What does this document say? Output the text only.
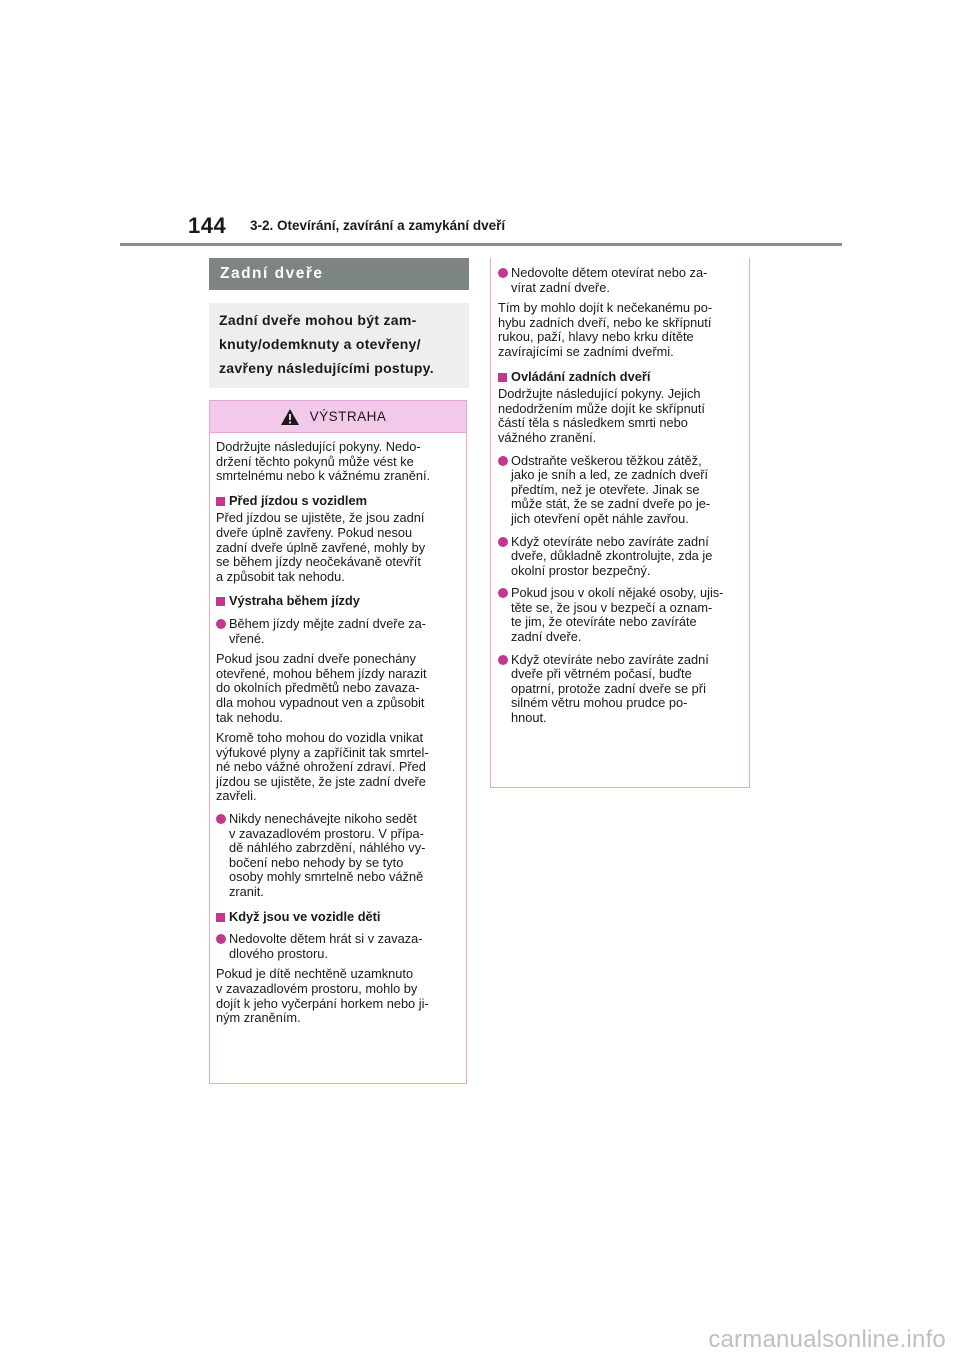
144 3-2. Otevírání, zavírání a zamykání dveří
Zadní dveře
Zadní dveře mohou být zam-
knuty/odemknuty a otevřeny/
zavřeny následujícími postupy.
VÝSTRAHA

Dodržujte následující pokyny. Nedo-
držení těchto pokynů může vést ke
smrtelnému nebo k vážnému zranění.

Před jízdou s vozidlem

Před jízdou se ujistěte, že jsou zadní
dveře úplně zavřeny. Pokud nesou
zadní dveře úplně zavřené, mohly by
se během jízdy neočekávaně otevřít
a způsobit tak nehodu.

Výstraha během jízdy
Během jízdy mějte zadní dveře za-
vřené.

Pokud jsou zadní dveře ponechány
otevřené, mohou během jízdy narazit
do okolních předmětů nebo zavaza-
dla mohou vypadnout ven a způsobit
tak nehodu.

Kromě toho mohou do vozidla vnikat
výfukové plyny a zapříčinit tak smrtel-
né nebo vážné ohrožení zdraví. Před
jízdou se ujistěte, že jste zadní dveře
zavřeli.

Nikdy nenechávejte nikoho sedět
v zavazadlovém prostoru. V přípa-
dě náhlého zabrzdění, náhlého vy-
bočení nebo nehody by se tyto
osoby mohly smrtelně nebo vážně
zranit.
Když jsou ve vozidle děti
Nedovolte dětem hrát si v zavaza-
dlového prostoru.

Pokud je dítě nechtěně uzamknuto
v zavazadlovém prostoru, mohlo by
dojít k jeho vyčerpání horkem nebo ji-
ným zraněním.

Nedovolte dětem otevírat nebo za-
vírat zadní dveře.

Tím by mohlo dojít k nečekanému po-
hybu zadních dveří, nebo ke skřípnutí
rukou, paží, hlavy nebo krku dítěte
zavírajícími se zadními dveřmi.

Ovládání zadních dveří

Dodržujte následující pokyny. Jejich
nedodržením může dojít ke skřípnutí
částí těla s následkem smrti nebo
vážného zranění.

Odstraňte veškerou těžkou zátěž,
jako je sníh a led, ze zadních dveří
předtím, než je otevřete. Jinak se
může stát, že se zadní dveře po je-
jich otevření opět náhle zavřou.
Když otevíráte nebo zavíráte zadní
dveře, důkladně zkontrolujte, zda je
okolní prostor bezpečný.
Pokud jsou v okolí nějaké osoby, ujis-
těte se, že jsou v bezpečí a oznam-
te jim, že otevíráte nebo zavíráte
zadní dveře.
Když otevíráte nebo zavíráte zadní
dveře při větrném počasí, buďte
opatrní, protože zadní dveře se při
silném větru mohou prudce po-
hnout.
carmanualsonline.info
